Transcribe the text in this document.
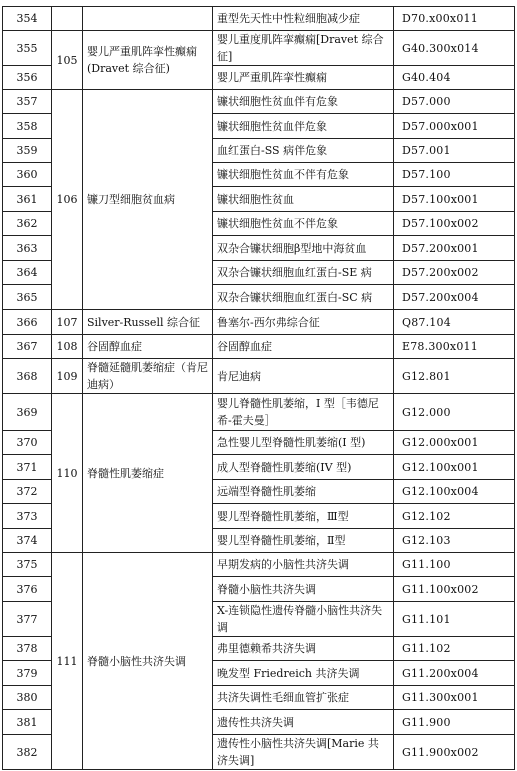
354			重型先天性中性粒细胞减少症	D70.x00x011
355	105	婴儿严重肌阵挛性癫痫(Dravet 综合征)	婴儿重度肌阵挛癫痫[Dravet 综合征]	G40.300x014
356			婴儿严重肌阵挛性癫痫	G40.404
357	106	镰刀型细胞贫血病	镰状细胞性贫血伴有危象	D57.000
358			镰状细胞性贫血伴危象	D57.000x001
359			血红蛋白-SS 病伴危象	D57.001
360			镰状细胞性贫血不伴有危象	D57.100
361			镰状细胞性贫血	D57.100x001
362			镰状细胞性贫血不伴危象	D57.100x002
363			双杂合镰状细胞β型地中海贫血	D57.200x001
364			双杂合镰状细胞血红蛋白-SE 病	D57.200x002
365			双杂合镰状细胞血红蛋白-SC 病	D57.200x004
366	107	Silver-Russell 综合征	鲁塞尔-西尔弗综合征	Q87.104
367	108	谷固醇血症	谷固醇血症	E78.300x011
368	109	脊髓延髓肌萎缩症（肯尼迪病）	肯尼迪病	G12.801
369	110	脊髓性肌萎缩症	婴儿脊髓性肌萎缩，I 型［韦德尼希-霍夫曼］	G12.000
370			急性婴儿型脊髓性肌萎缩(I 型)	G12.000x001
371			成人型脊髓性肌萎缩(IV 型)	G12.100x001
372			远端型脊髓性肌萎缩	G12.100x004
373			婴儿型脊髓性肌萎缩，Ⅲ型	G12.102
374			婴儿型脊髓性肌萎缩，Ⅱ型	G12.103
375	111	脊髓小脑性共济失调	早期发病的小脑性共济失调	G11.100
376			脊髓小脑性共济失调	G11.100x002
377			X-连锁隐性遗传脊髓小脑性共济失调	G11.101
378			弗里德赖希共济失调	G11.102
379			晚发型 Friedreich 共济失调	G11.200x004
380			共济失调性毛细血管扩张症	G11.300x001
381			遗传性共济失调	G11.900
382			遗传性小脑性共济失调[Marie 共济失调]	G11.900x002
